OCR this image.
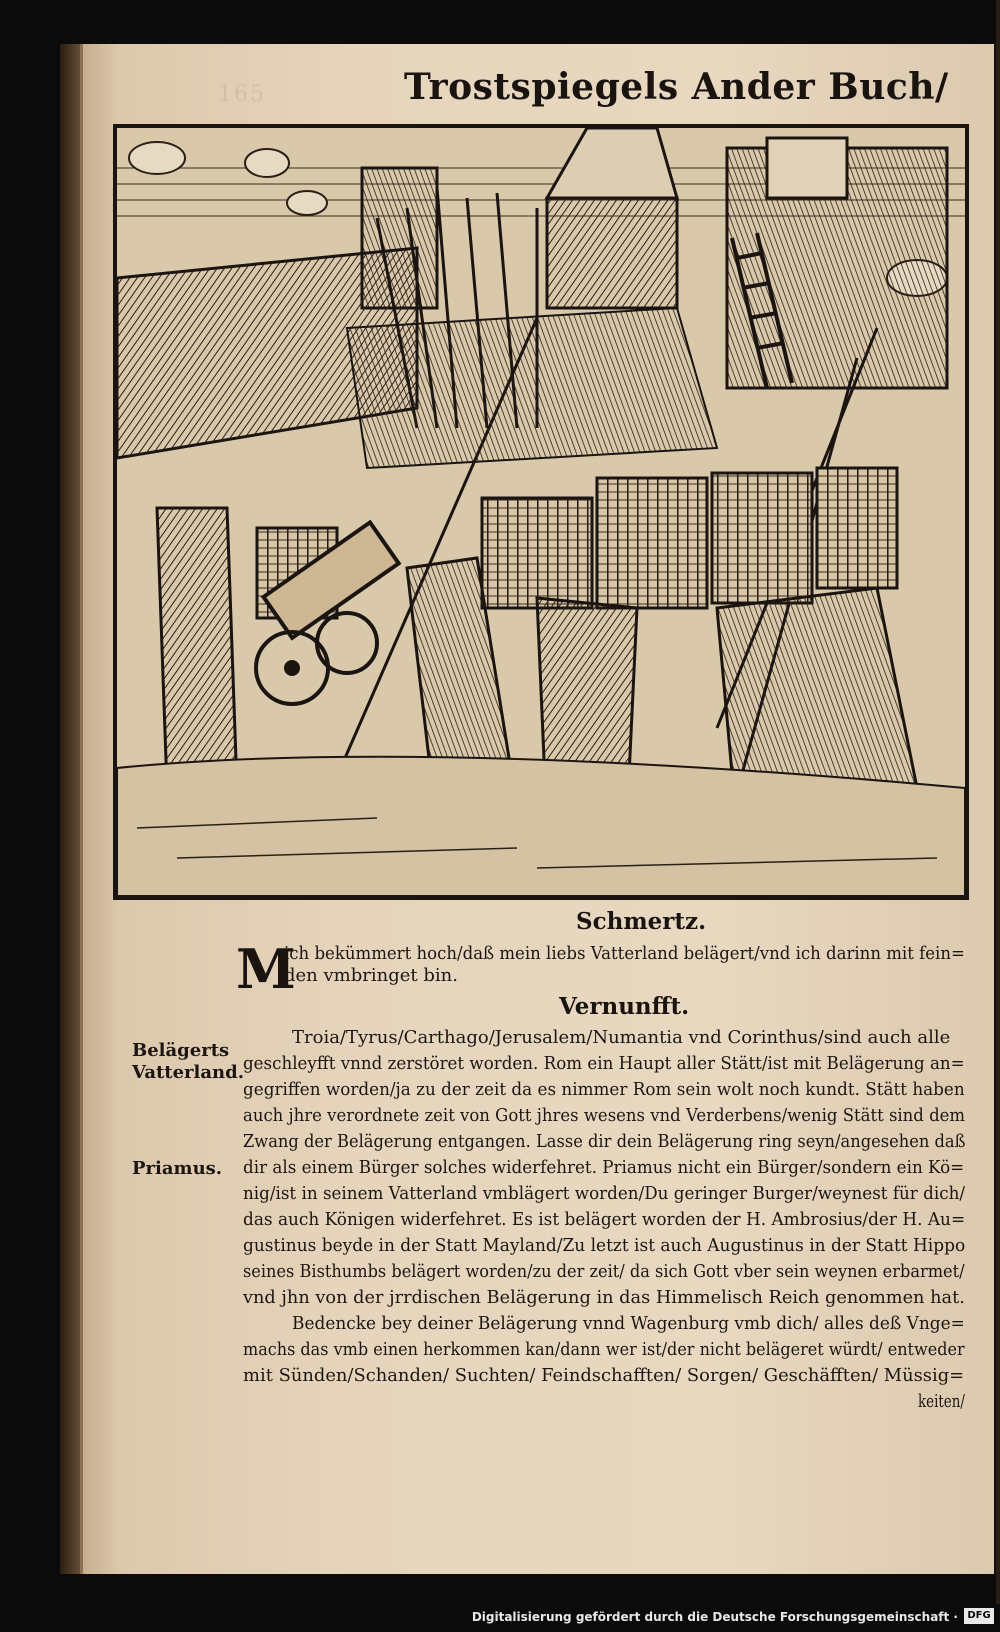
165	Trostspiegels Ander Buch/
Schmertz.
M
ich bekümmert hoch/daß mein liebs Vatterland belägert/vnd ich darinn mit fein=
den vmbringet bin.
Vernunfft.
Belägerts
Vatterland.
Priamus.
Troia/Tyrus/Carthago/Jerusalem/Numantia vnd Corinthus/sind auch alle
geschleyfft vnnd zerstöret worden. Rom ein Haupt aller Stätt/ist mit Belägerung an=
gegriffen worden/ja zu der zeit da es nimmer Rom sein wolt noch kundt. Stätt haben
auch jhre verordnete zeit von Gott jhres wesens vnd Verderbens/wenig Stätt sind dem
Zwang der Belägerung entgangen. Lasse dir dein Belägerung ring seyn/angesehen daß
dir als einem Bürger solches widerfehret. Priamus nicht ein Bürger/sondern ein Kö=
nig/ist in seinem Vatterland vmblägert worden/Du geringer Burger/weynest für dich/
das auch Königen widerfehret. Es ist belägert worden der H. Ambrosius/der H. Au=
gustinus beyde in der Statt Mayland/Zu letzt ist auch Augustinus in der Statt Hippo
seines Bisthumbs belägert worden/zu der zeit/ da sich Gott vber sein weynen erbarmet/
vnd jhn von der jrrdischen Belägerung in das Himmelisch Reich genommen hat.
Bedencke bey deiner Belägerung vnnd Wagenburg vmb dich/ alles deß Vnge=
machs das vmb einen herkommen kan/dann wer ist/der nicht belägeret würdt/ entweder
mit Sünden/Schanden/ Suchten/ Feindschafften/ Sorgen/ Geschäfften/ Müssig=
keiten/
Digitalisierung gefördert durch die Deutsche Forschungsgemeinschaft · DFG
